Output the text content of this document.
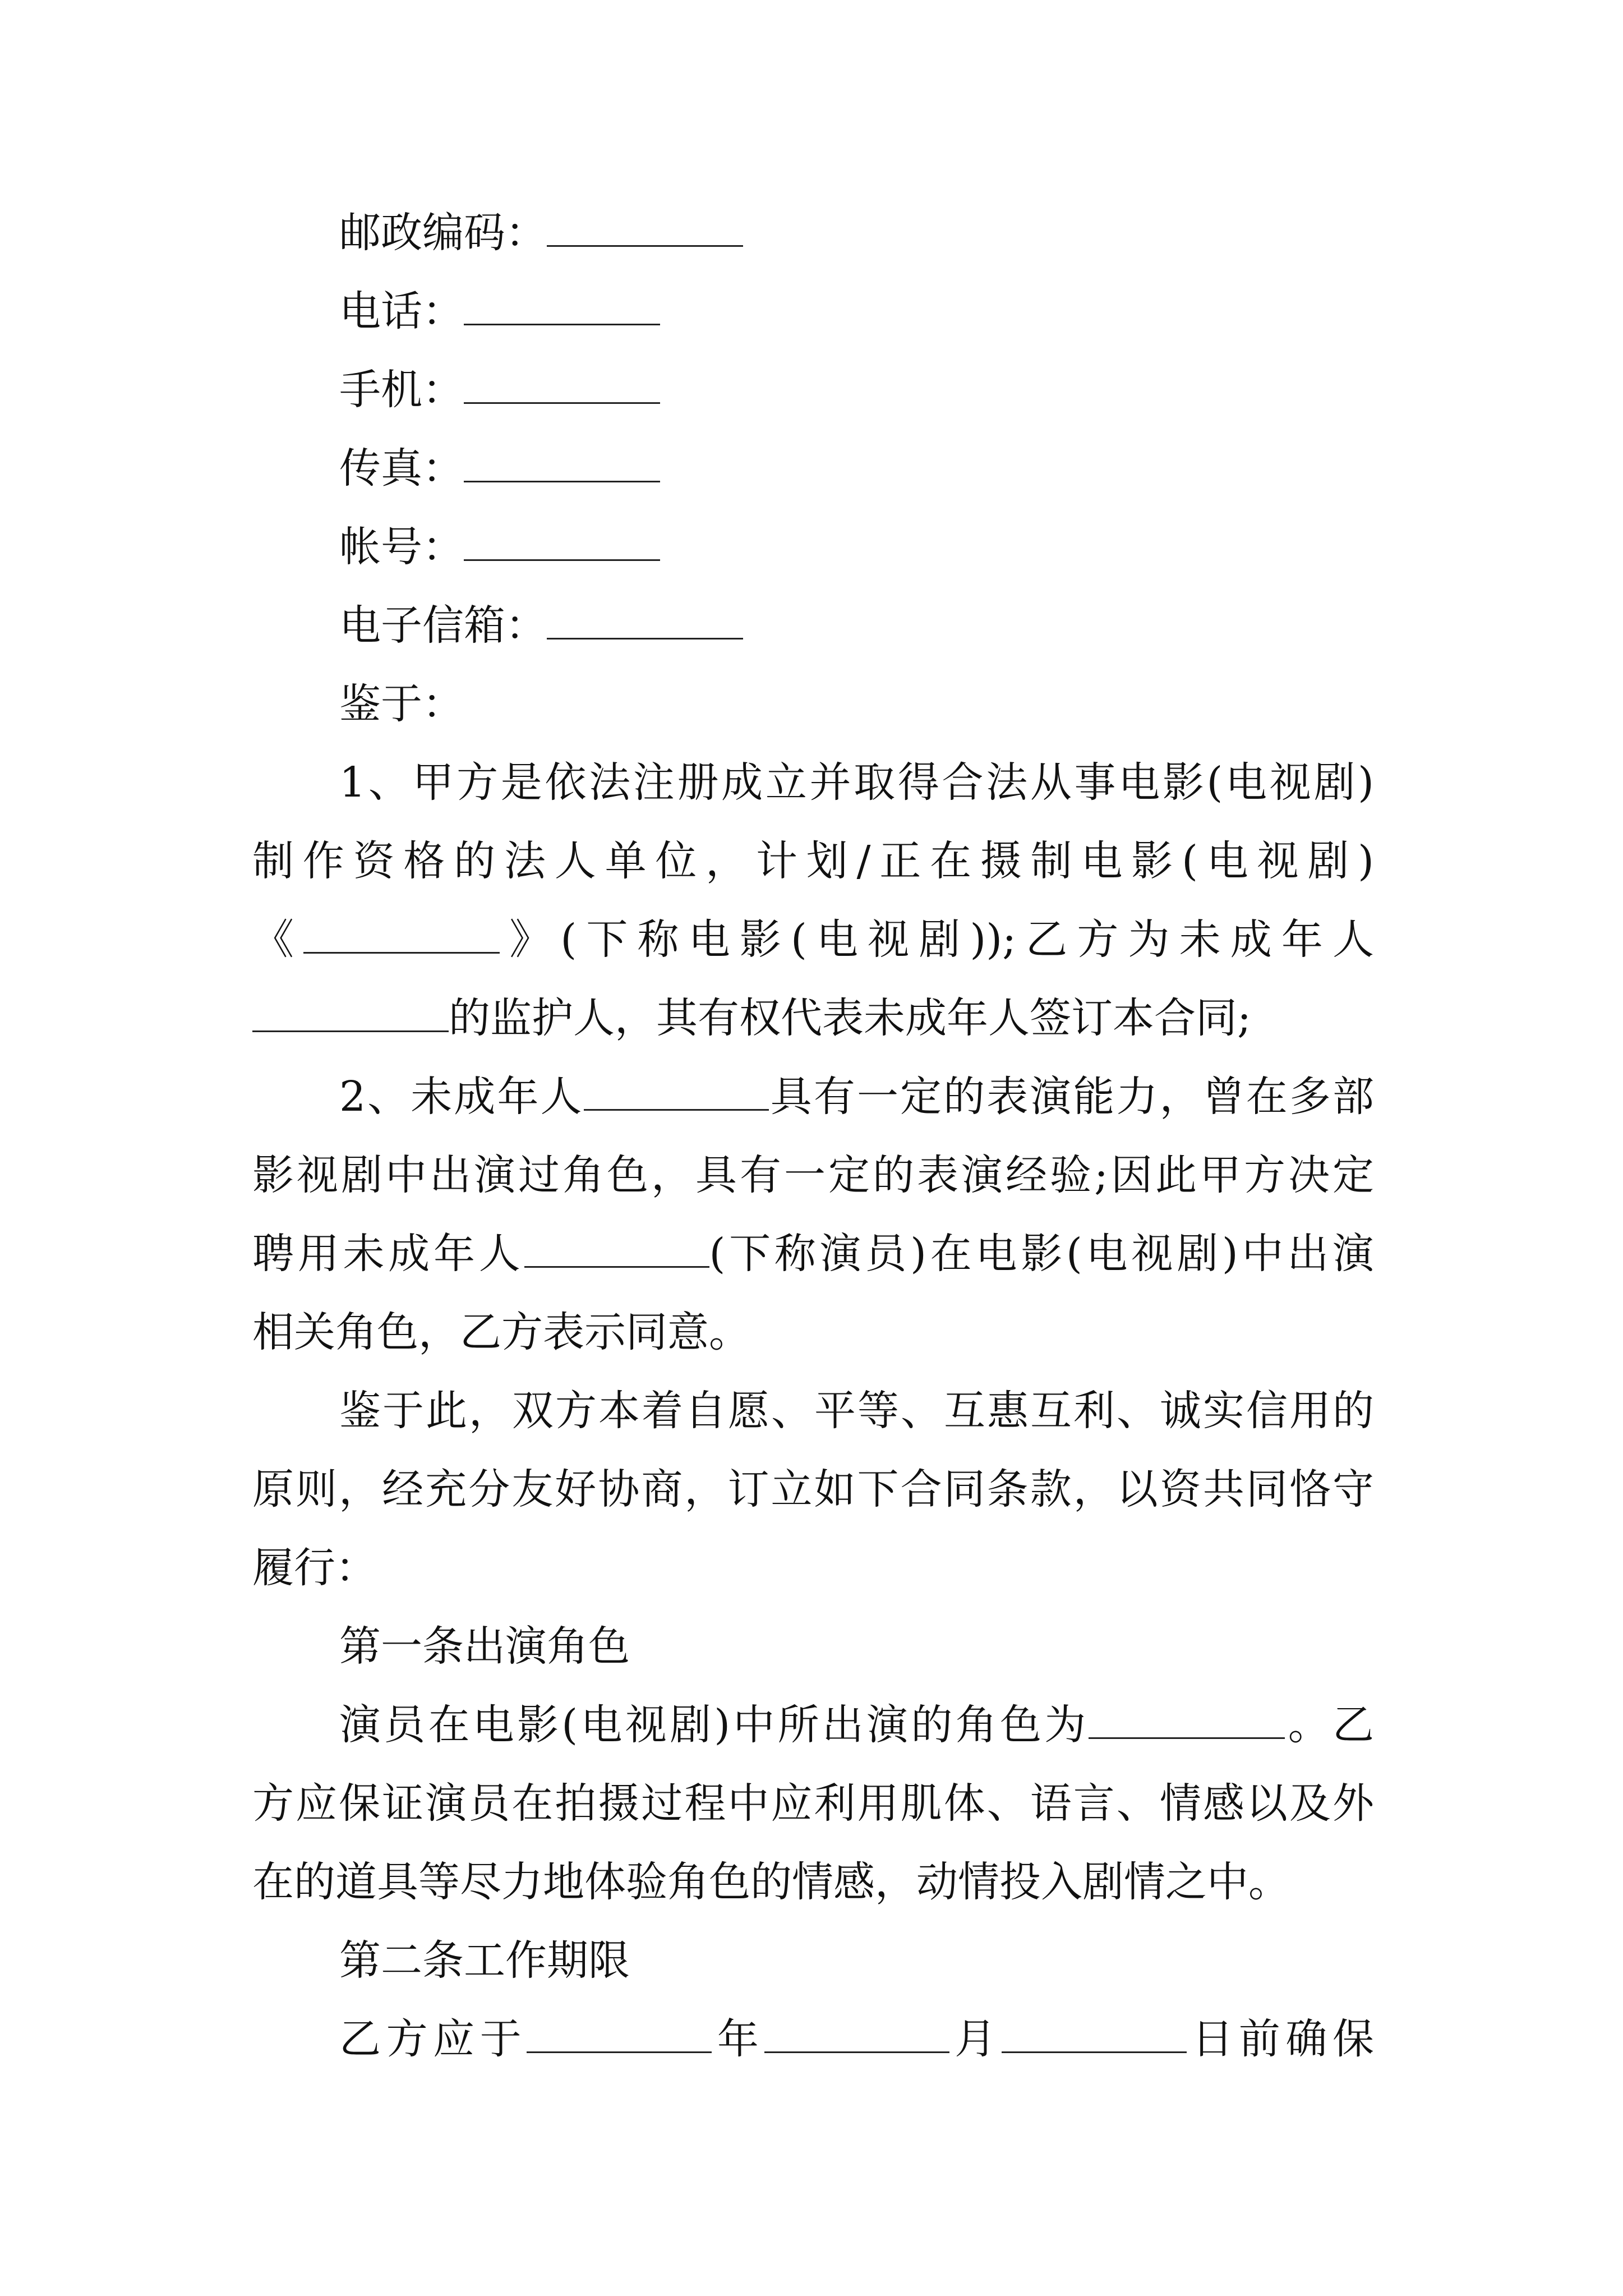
邮政编码：
电话：
手机：
传真：
帐号：
电子信箱：
鉴于：
1、甲方是依法注册成立并取得合法从事电影(电视剧)
制作资格的法人单位，计划/正在摄制电影(电视剧)
《	》(下称电影(电视剧));乙方为未成年人
的监护人，其有权代表未成年人签订本合同;
2、未成年人	具有一定的表演能力，曾在多部
影视剧中出演过角色，具有一定的表演经验;因此甲方决定
聘用未成年人	(下称演员)在电影(电视剧)中出演
相关角色，乙方表示同意。
鉴于此，双方本着自愿、平等、互惠互利、诚实信用的
原则，经充分友好协商，订立如下合同条款，以资共同恪守
履行：
第一条出演角色
演员在电影(电视剧)中所出演的角色为	。乙
方应保证演员在拍摄过程中应利用肌体、语言、情感以及外
在的道具等尽力地体验角色的情感，动情投入剧情之中。
第二条工作期限
乙方应于	年	月	日前确保
